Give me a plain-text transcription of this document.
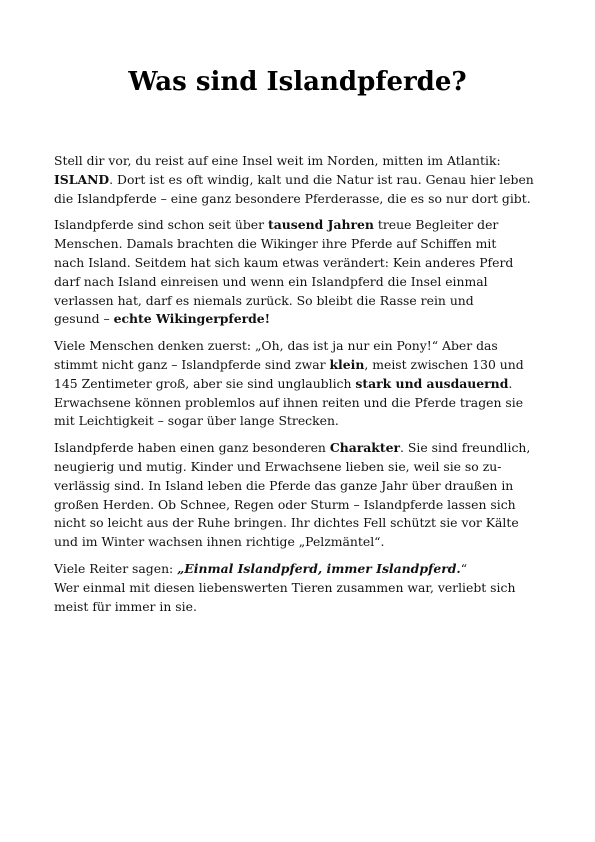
Was sind Islandpferde?

Stell dir vor, du reist auf eine Insel weit im Norden, mitten im Atlantik:
ISLAND. Dort ist es oft windig, kalt und die Natur ist rau. Genau hier leben
die Islandpferde – eine ganz besondere Pferderasse, die es so nur dort gibt.

Islandpferde sind schon seit über tausend Jahren treue Begleiter der
Menschen. Damals brachten die Wikinger ihre Pferde auf Schiffen mit
nach Island. Seitdem hat sich kaum etwas verändert: Kein anderes Pferd
darf nach Island einreisen und wenn ein Islandpferd die Insel einmal
verlassen hat, darf es niemals zurück. So bleibt die Rasse rein und
gesund – echte Wikingerpferde!

Viele Menschen denken zuerst: „Oh, das ist ja nur ein Pony!“ Aber das
stimmt nicht ganz – Islandpferde sind zwar klein, meist zwischen 130 und
145 Zentimeter groß, aber sie sind unglaublich stark und ausdauernd.
Erwachsene können problemlos auf ihnen reiten und die Pferde tragen sie
mit Leichtigkeit – sogar über lange Strecken.

Islandpferde haben einen ganz besonderen Charakter. Sie sind freundlich,
neugierig und mutig. Kinder und Erwachsene lieben sie, weil sie so zu-
verlässig sind. In Island leben die Pferde das ganze Jahr über draußen in
großen Herden. Ob Schnee, Regen oder Sturm – Islandpferde lassen sich
nicht so leicht aus der Ruhe bringen. Ihr dichtes Fell schützt sie vor Kälte
und im Winter wachsen ihnen richtige „Pelzmäntel“.

Viele Reiter sagen: „Einmal Islandpferd, immer Islandpferd.“
Wer einmal mit diesen liebenswerten Tieren zusammen war, verliebt sich
meist für immer in sie.
